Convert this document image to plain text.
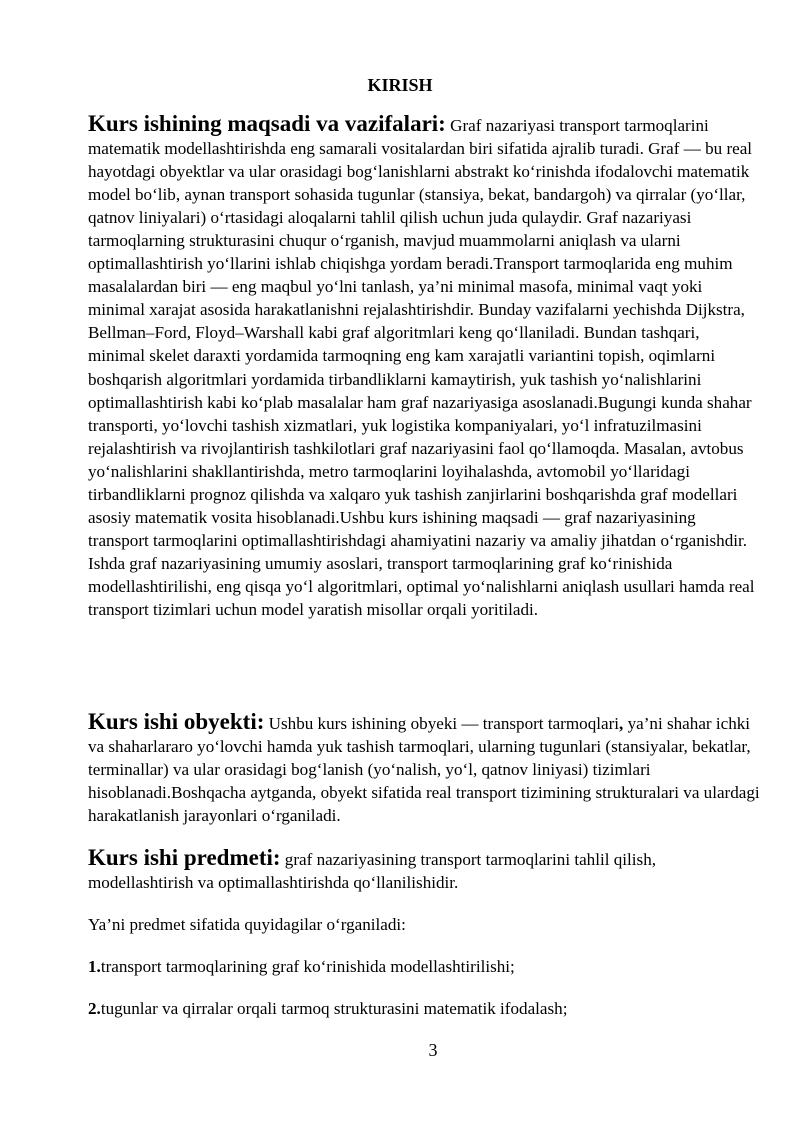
KIRISH

Kurs ishining maqsadi va vazifalari: Graf nazariyasi transport tarmoqlarini matematik modellashtirishda eng samarali vositalardan biri sifatida ajralib turadi. Graf — bu real hayotdagi obyektlar va ular orasidagi bog‘lanishlarni abstrakt ko‘rinishda ifodalovchi matematik model bo‘lib, aynan transport sohasida tugunlar (stansiya, bekat, bandargoh) va qirralar (yo‘llar, qatnov liniyalari) o‘rtasidagi aloqalarni tahlil qilish uchun juda qulaydir. Graf nazariyasi tarmoqlarning strukturasini chuqur o‘rganish, mavjud muammolarni aniqlash va ularni optimallashtirish yo‘llarini ishlab chiqishga yordam beradi.Transport tarmoqlarida eng muhim masalalardan biri — eng maqbul yo‘lni tanlash, ya’ni minimal masofa, minimal vaqt yoki minimal xarajat asosida harakatlanishni rejalashtirishdir. Bunday vazifalarni yechishda Dijkstra, Bellman–Ford, Floyd–Warshall kabi graf algoritmlari keng qo‘llaniladi. Bundan tashqari, minimal skelet daraxti yordamida tarmoqning eng kam xarajatli variantini topish, oqimlarni boshqarish algoritmlari yordamida tirbandliklarni kamaytirish, yuk tashish yo‘nalishlarini optimallashtirish kabi ko‘plab masalalar ham graf nazariyasiga asoslanadi.Bugungi kunda shahar transporti, yo‘lovchi tashish xizmatlari, yuk logistika kompaniyalari, yo‘l infratuzilmasini rejalashtirish va rivojlantirish tashkilotlari graf nazariyasini faol qo‘llamoqda. Masalan, avtobus yo‘nalishlarini shakllantirishda, metro tarmoqlarini loyihalashda, avtomobil yo‘llaridagi tirbandliklarni prognoz qilishda va xalqaro yuk tashish zanjirlarini boshqarishda graf modellari asosiy matematik vosita hisoblanadi.Ushbu kurs ishining maqsadi — graf nazariyasining transport tarmoqlarini optimallashtirishdagi ahamiyatini nazariy va amaliy jihatdan o‘rganishdir. Ishda graf nazariyasining umumiy asoslari, transport tarmoqlarining graf ko‘rinishida modellashtirilishi, eng qisqa yo‘l algoritmlari, optimal yo‘nalishlarni aniqlash usullari hamda real transport tizimlari uchun model yaratish misollar orqali yoritiladi.

Kurs ishi obyekti: Ushbu kurs ishining obyeki — transport tarmoqlari, ya’ni shahar ichki va shaharlararo yo‘lovchi hamda yuk tashish tarmoqlari, ularning tugunlari (stansiyalar, bekatlar, terminallar) va ular orasidagi bog‘lanish (yo‘nalish, yo‘l, qatnov liniyasi) tizimlari hisoblanadi.Boshqacha aytganda, obyekt sifatida real transport tizimining strukturalari va ulardagi harakatlanish jarayonlari o‘rganiladi.

Kurs ishi predmeti: graf nazariyasining transport tarmoqlarini tahlil qilish, modellashtirish va optimallashtirishda qo‘llanilishidir.

Ya’ni predmet sifatida quyidagilar o‘rganiladi:

1.transport tarmoqlarining graf ko‘rinishida modellashtirilishi;

2.tugunlar va qirralar orqali tarmoq strukturasini matematik ifodalash;

3
